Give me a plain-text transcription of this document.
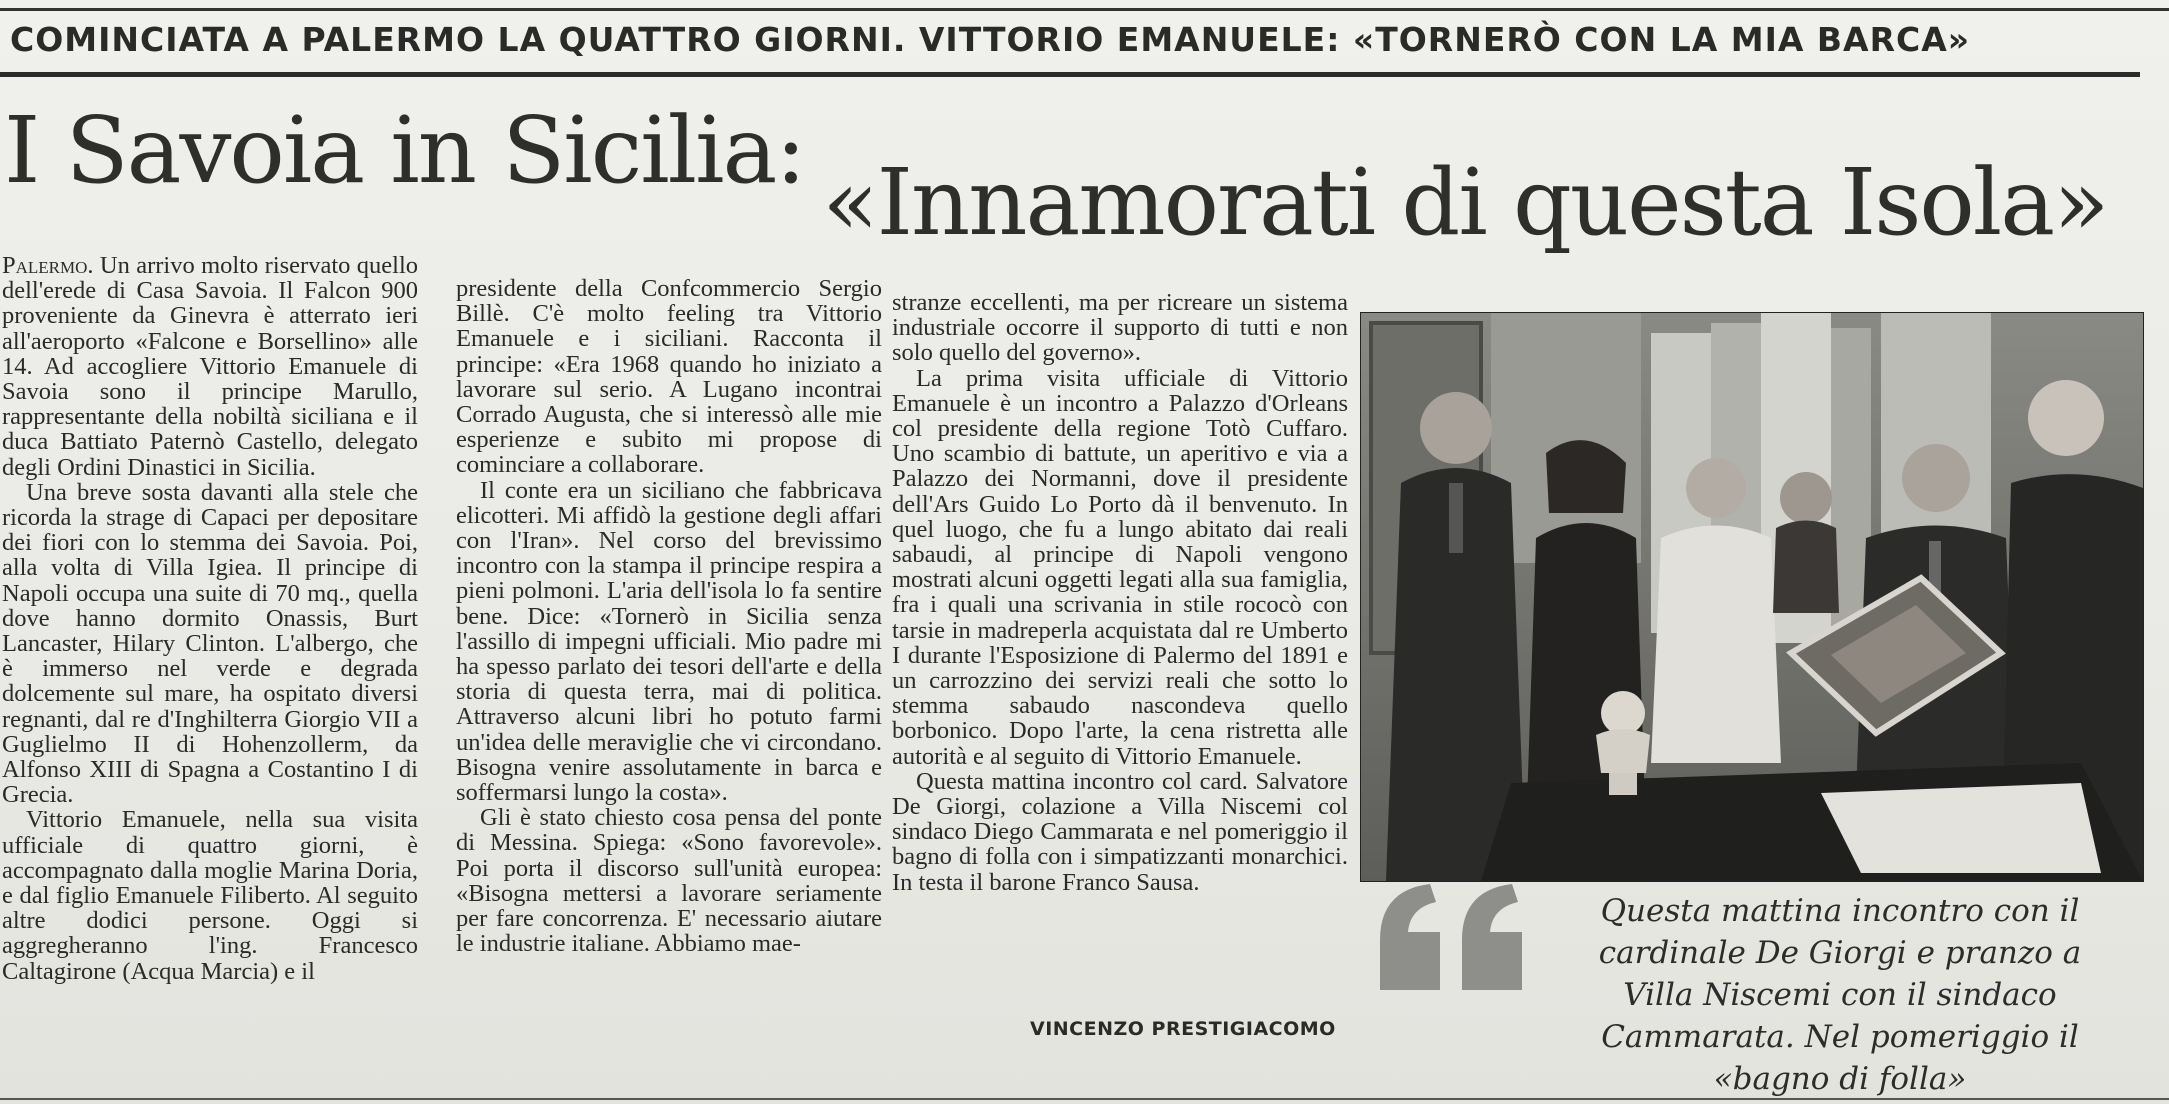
COMINCIATA A PALERMO LA QUATTRO GIORNI. VITTORIO EMANUELE: «TORNERÒ CON LA MIA BARCA»
I Savoia in Sicilia: «Innamorati di questa Isola»

Palermo. Un arrivo molto riservato quello dell'erede di Casa Savoia. Il Falcon 900 proveniente da Ginevra è atterrato ieri all'aeroporto «Falcone e Borsellino» alle 14. Ad accogliere Vittorio Emanuele di Savoia sono il principe Marullo, rappresentante della nobiltà siciliana e il duca Battiato Paternò Castello, delegato degli Ordini Dinastici in Sicilia.

Una breve sosta davanti alla stele che ricorda la strage di Capaci per depositare dei fiori con lo stemma dei Savoia. Poi, alla volta di Villa Igiea. Il principe di Napoli occupa una suite di 70 mq., quella dove hanno dormito Onassis, Burt Lancaster, Hilary Clinton. L'albergo, che è immerso nel verde e degrada dolcemente sul mare, ha ospitato diversi regnanti, dal re d'Inghilterra Giorgio VII a Guglielmo II di Hohenzollerm, da Alfonso XIII di Spagna a Costantino I di Grecia.

Vittorio Emanuele, nella sua visita ufficiale di quattro giorni, è accompagnato dalla moglie Marina Doria, e dal figlio Emanuele Filiberto. Al seguito altre dodici persone. Oggi si aggregheranno l'ing. Francesco Caltagirone (Acqua Marcia) e il

presidente della Confcommercio Sergio Billè. C'è molto feeling tra Vittorio Emanuele e i siciliani. Racconta il principe: «Era 1968 quando ho iniziato a lavorare sul serio. A Lugano incontrai Corrado Augusta, che si interessò alle mie esperienze e subito mi propose di cominciare a collaborare.

Il conte era un siciliano che fabbricava elicotteri. Mi affidò la gestione degli affari con l'Iran». Nel corso del brevissimo incontro con la stampa il principe respira a pieni polmoni. L'aria dell'isola lo fa sentire bene. Dice: «Tornerò in Sicilia senza l'assillo di impegni ufficiali. Mio padre mi ha spesso parlato dei tesori dell'arte e della storia di questa terra, mai di politica. Attraverso alcuni libri ho potuto farmi un'idea delle meraviglie che vi circondano. Bisogna venire assolutamente in barca e soffermarsi lungo la costa».

Gli è stato chiesto cosa pensa del ponte di Messina. Spiega: «Sono favorevole». Poi porta il discorso sull'unità europea: «Bisogna mettersi a lavorare seriamente per fare concorrenza. E' necessario aiutare le industrie italiane. Abbiamo mae-

stranze eccellenti, ma per ricreare un sistema industriale occorre il supporto di tutti e non solo quello del governo».

La prima visita ufficiale di Vittorio Emanuele è un incontro a Palazzo d'Orleans col presidente della regione Totò Cuffaro. Uno scambio di battute, un aperitivo e via a Palazzo dei Normanni, dove il presidente dell'Ars Guido Lo Porto dà il benvenuto. In quel luogo, che fu a lungo abitato dai reali sabaudi, al principe di Napoli vengono mostrati alcuni oggetti legati alla sua famiglia, fra i quali una scrivania in stile rococò con tarsie in madreperla acquistata dal re Umberto I durante l'Esposizione di Palermo del 1891 e un carrozzino dei servizi reali che sotto lo stemma sabaudo nascondeva quello borbonico. Dopo l'arte, la cena ristretta alle autorità e al seguito di Vittorio Emanuele.

Questa mattina incontro col card. Salvatore De Giorgi, colazione a Villa Niscemi col sindaco Diego Cammarata e nel pomeriggio il bagno di folla con i simpatizzanti monarchici. In testa il barone Franco Sausa.

VINCENZO PRESTIGIACOMO
Questa mattina incontro con il cardinale De Giorgi e pranzo a Villa Niscemi con il sindaco Cammarata. Nel pomeriggio il «bagno di folla»
